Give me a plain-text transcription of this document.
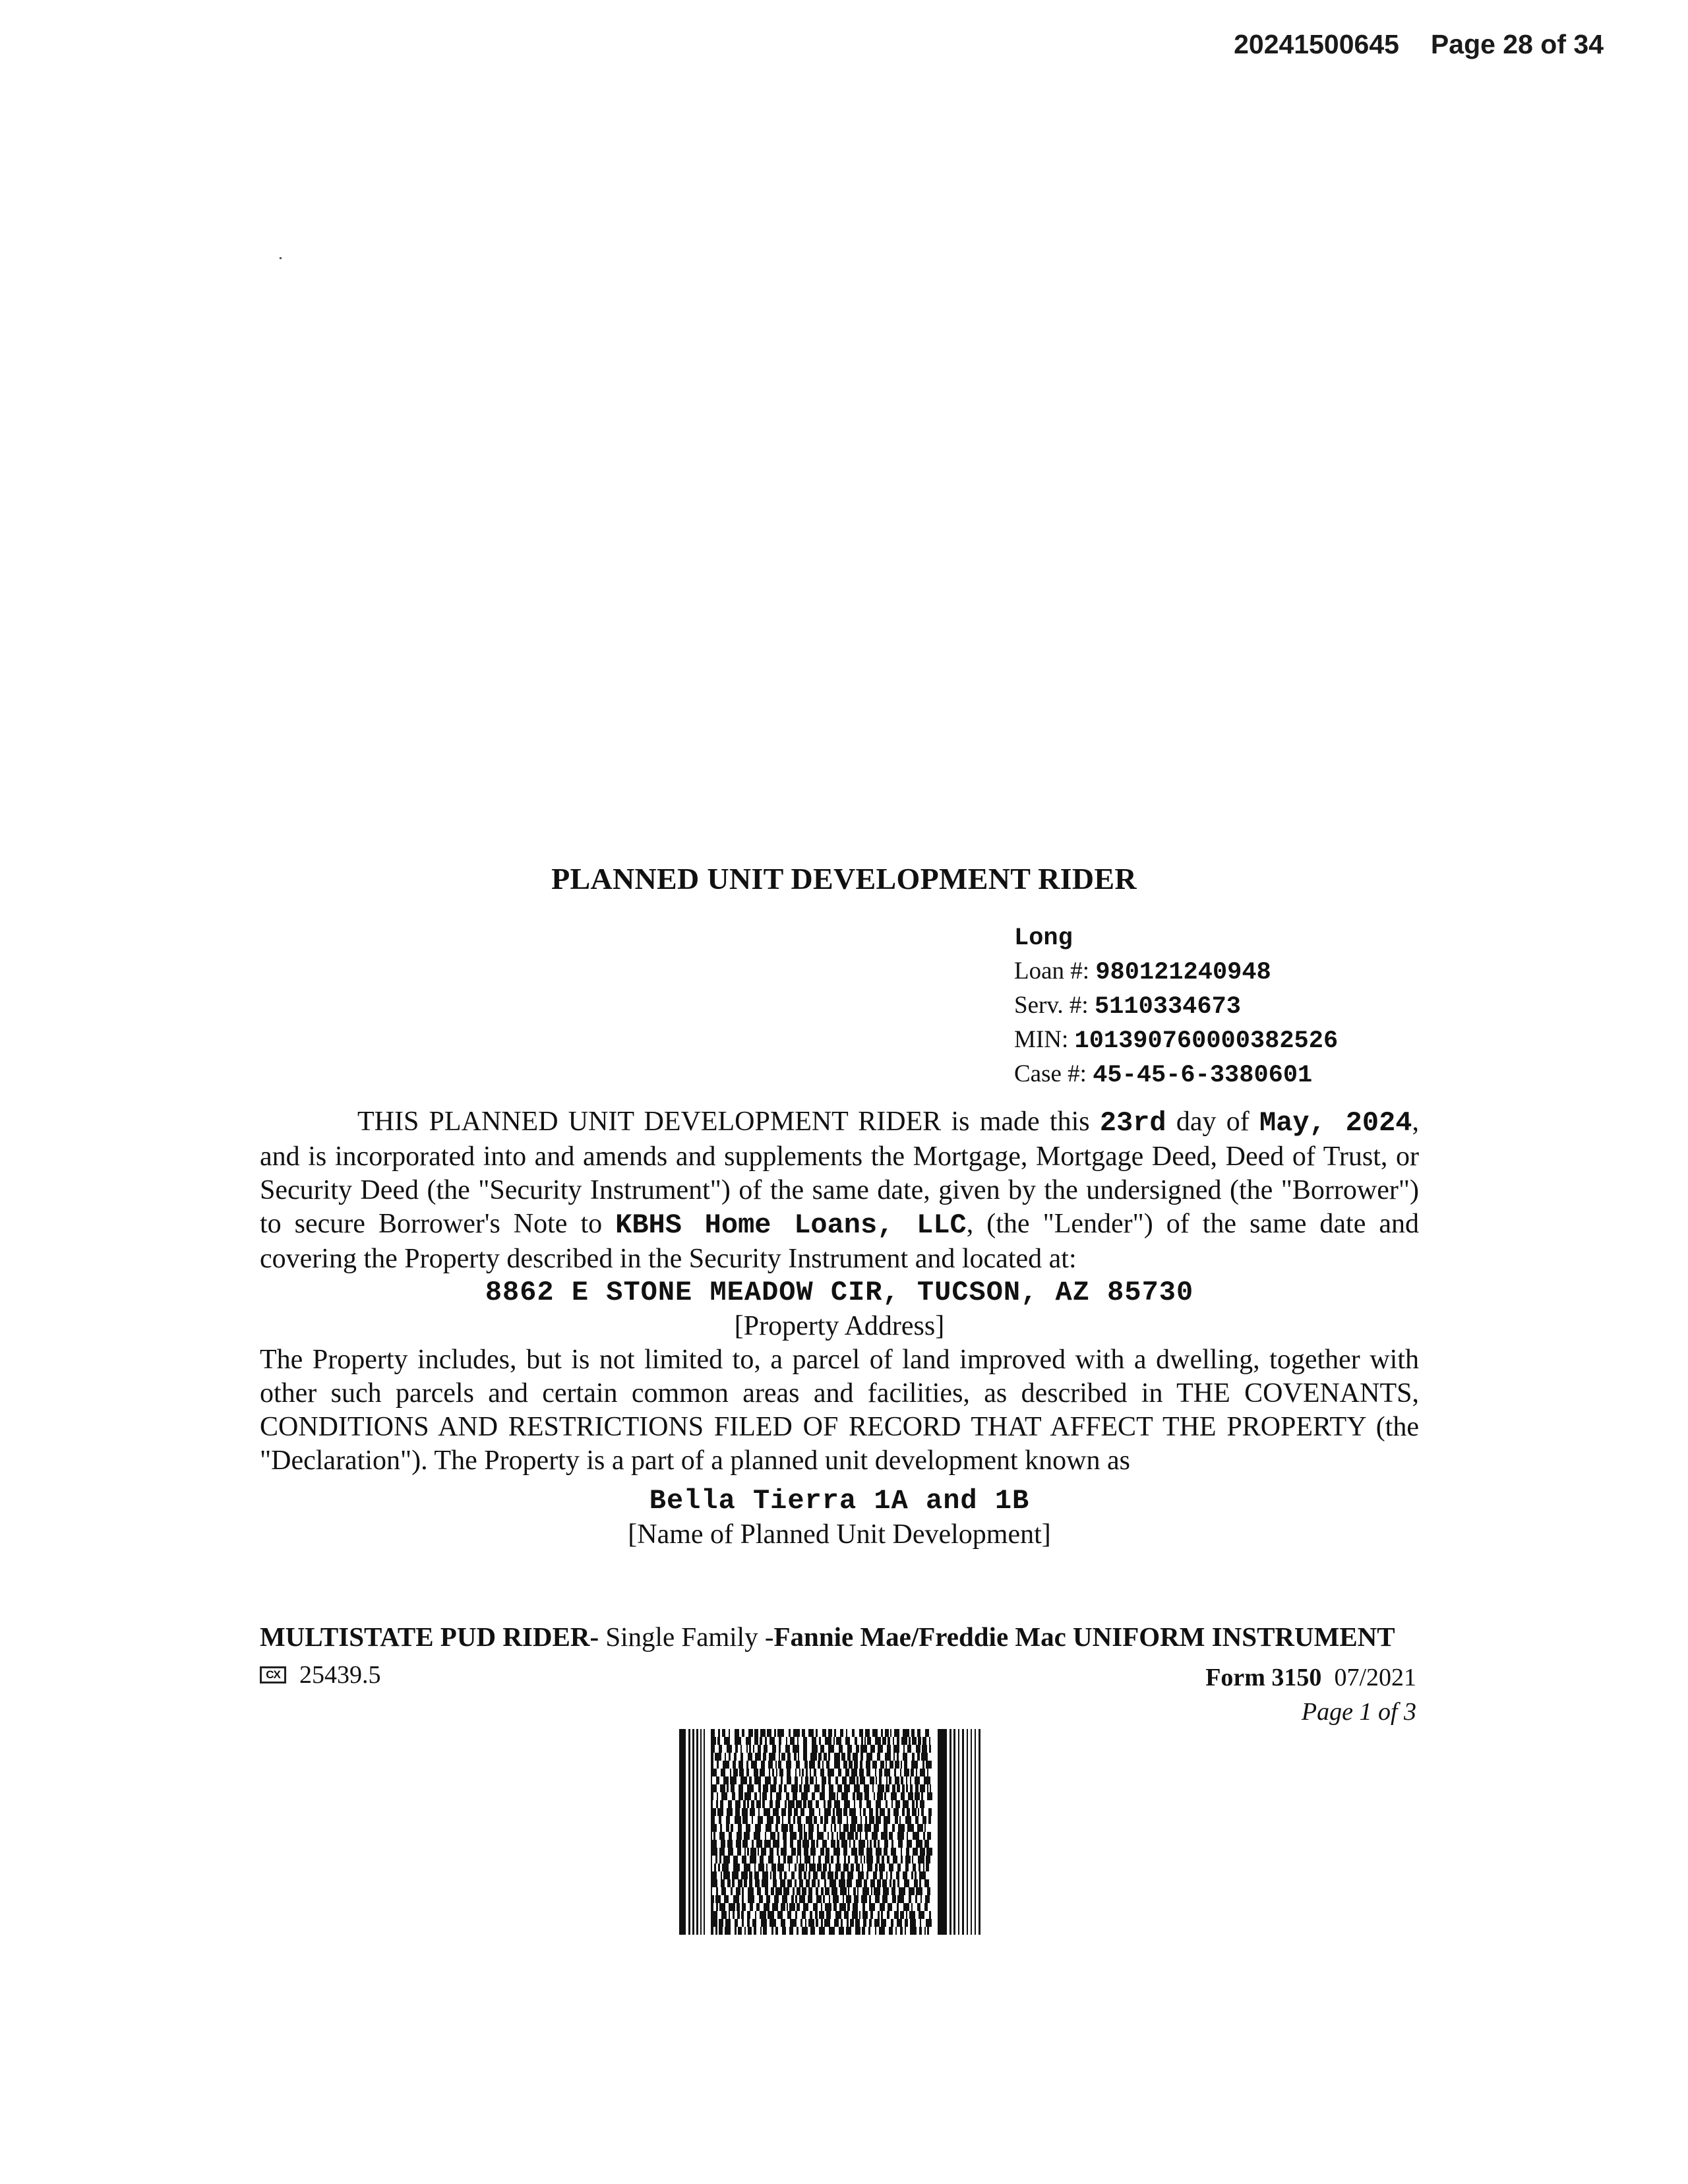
20241500645 Page 28 of 34
PLANNED UNIT DEVELOPMENT RIDER
Long
Loan #: 980121240948
Serv. #: 5110334673
MIN: 101390760000382526
Case #: 45-45-6-3380601

THIS PLANNED UNIT DEVELOPMENT RIDER is made this 23rd day of May, 2024, and is incorporated into and amends and supplements the Mortgage, Mortgage Deed, Deed of Trust, or Security Deed (the "Security Instrument") of the same date, given by the undersigned (the "Borrower") to secure Borrower's Note to KBHS Home Loans, LLC, (the "Lender") of the same date and covering the Property described in the Security Instrument and located at:

8862 E STONE MEADOW CIR, TUCSON, AZ 85730

[Property Address]

The Property includes, but is not limited to, a parcel of land improved with a dwelling, together with other such parcels and certain common areas and facilities, as described in THE COVENANTS, CONDITIONS AND RESTRICTIONS FILED OF RECORD THAT AFFECT THE PROPERTY (the "Declaration"). The Property is a part of a planned unit development known as

Bella Tierra 1A and 1B

[Name of Planned Unit Development]

MULTISTATE PUD RIDER- Single Family -Fannie Mae/Freddie Mac UNIFORM INSTRUMENT
CX 25439.5	Form 3150 07/2021
Page 1 of 3
